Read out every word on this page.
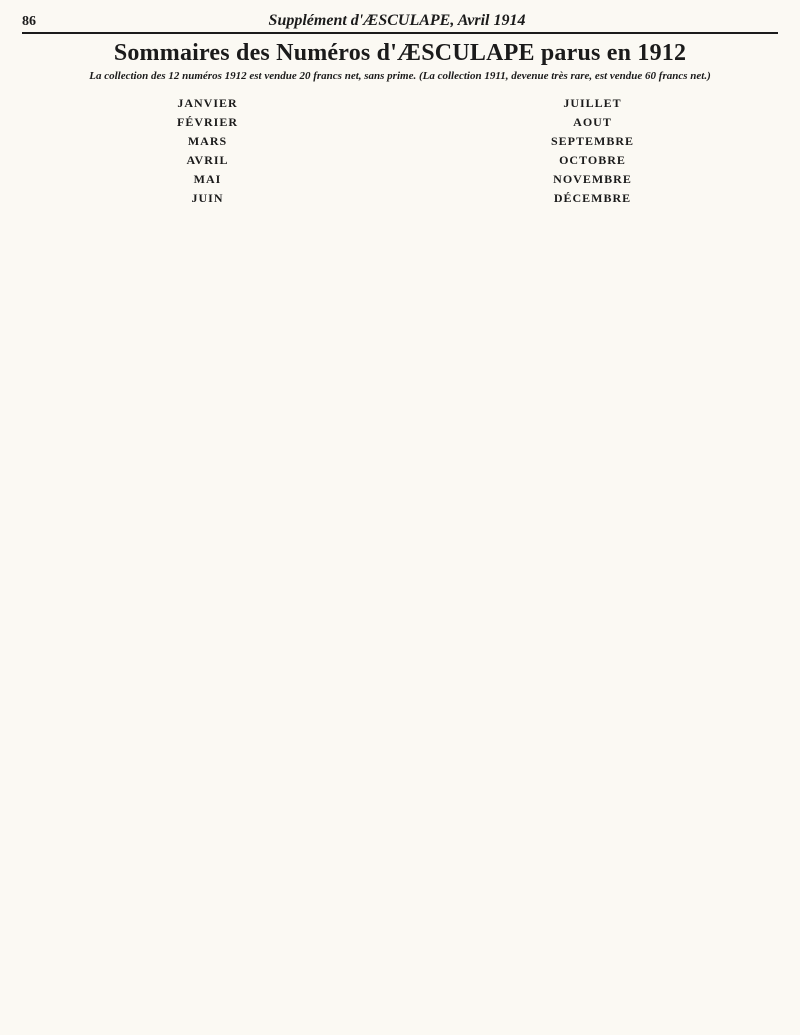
86	Supplément d'ÆSCULAPE, Avril 1914
Sommaires des Numéros d'ÆSCULAPE parus en 1912
La collection des 12 numéros 1912 est vendue 20 francs net, sans prime. (La collection 1911, devenue très rare, est vendue 60 francs net.)
JANVIER
FÉVRIER
MARS
AVRIL
MAI
JUIN
JUILLET
AOUT
SEPTEMBRE
OCTOBRE
NOVEMBRE
DÉCEMBRE
